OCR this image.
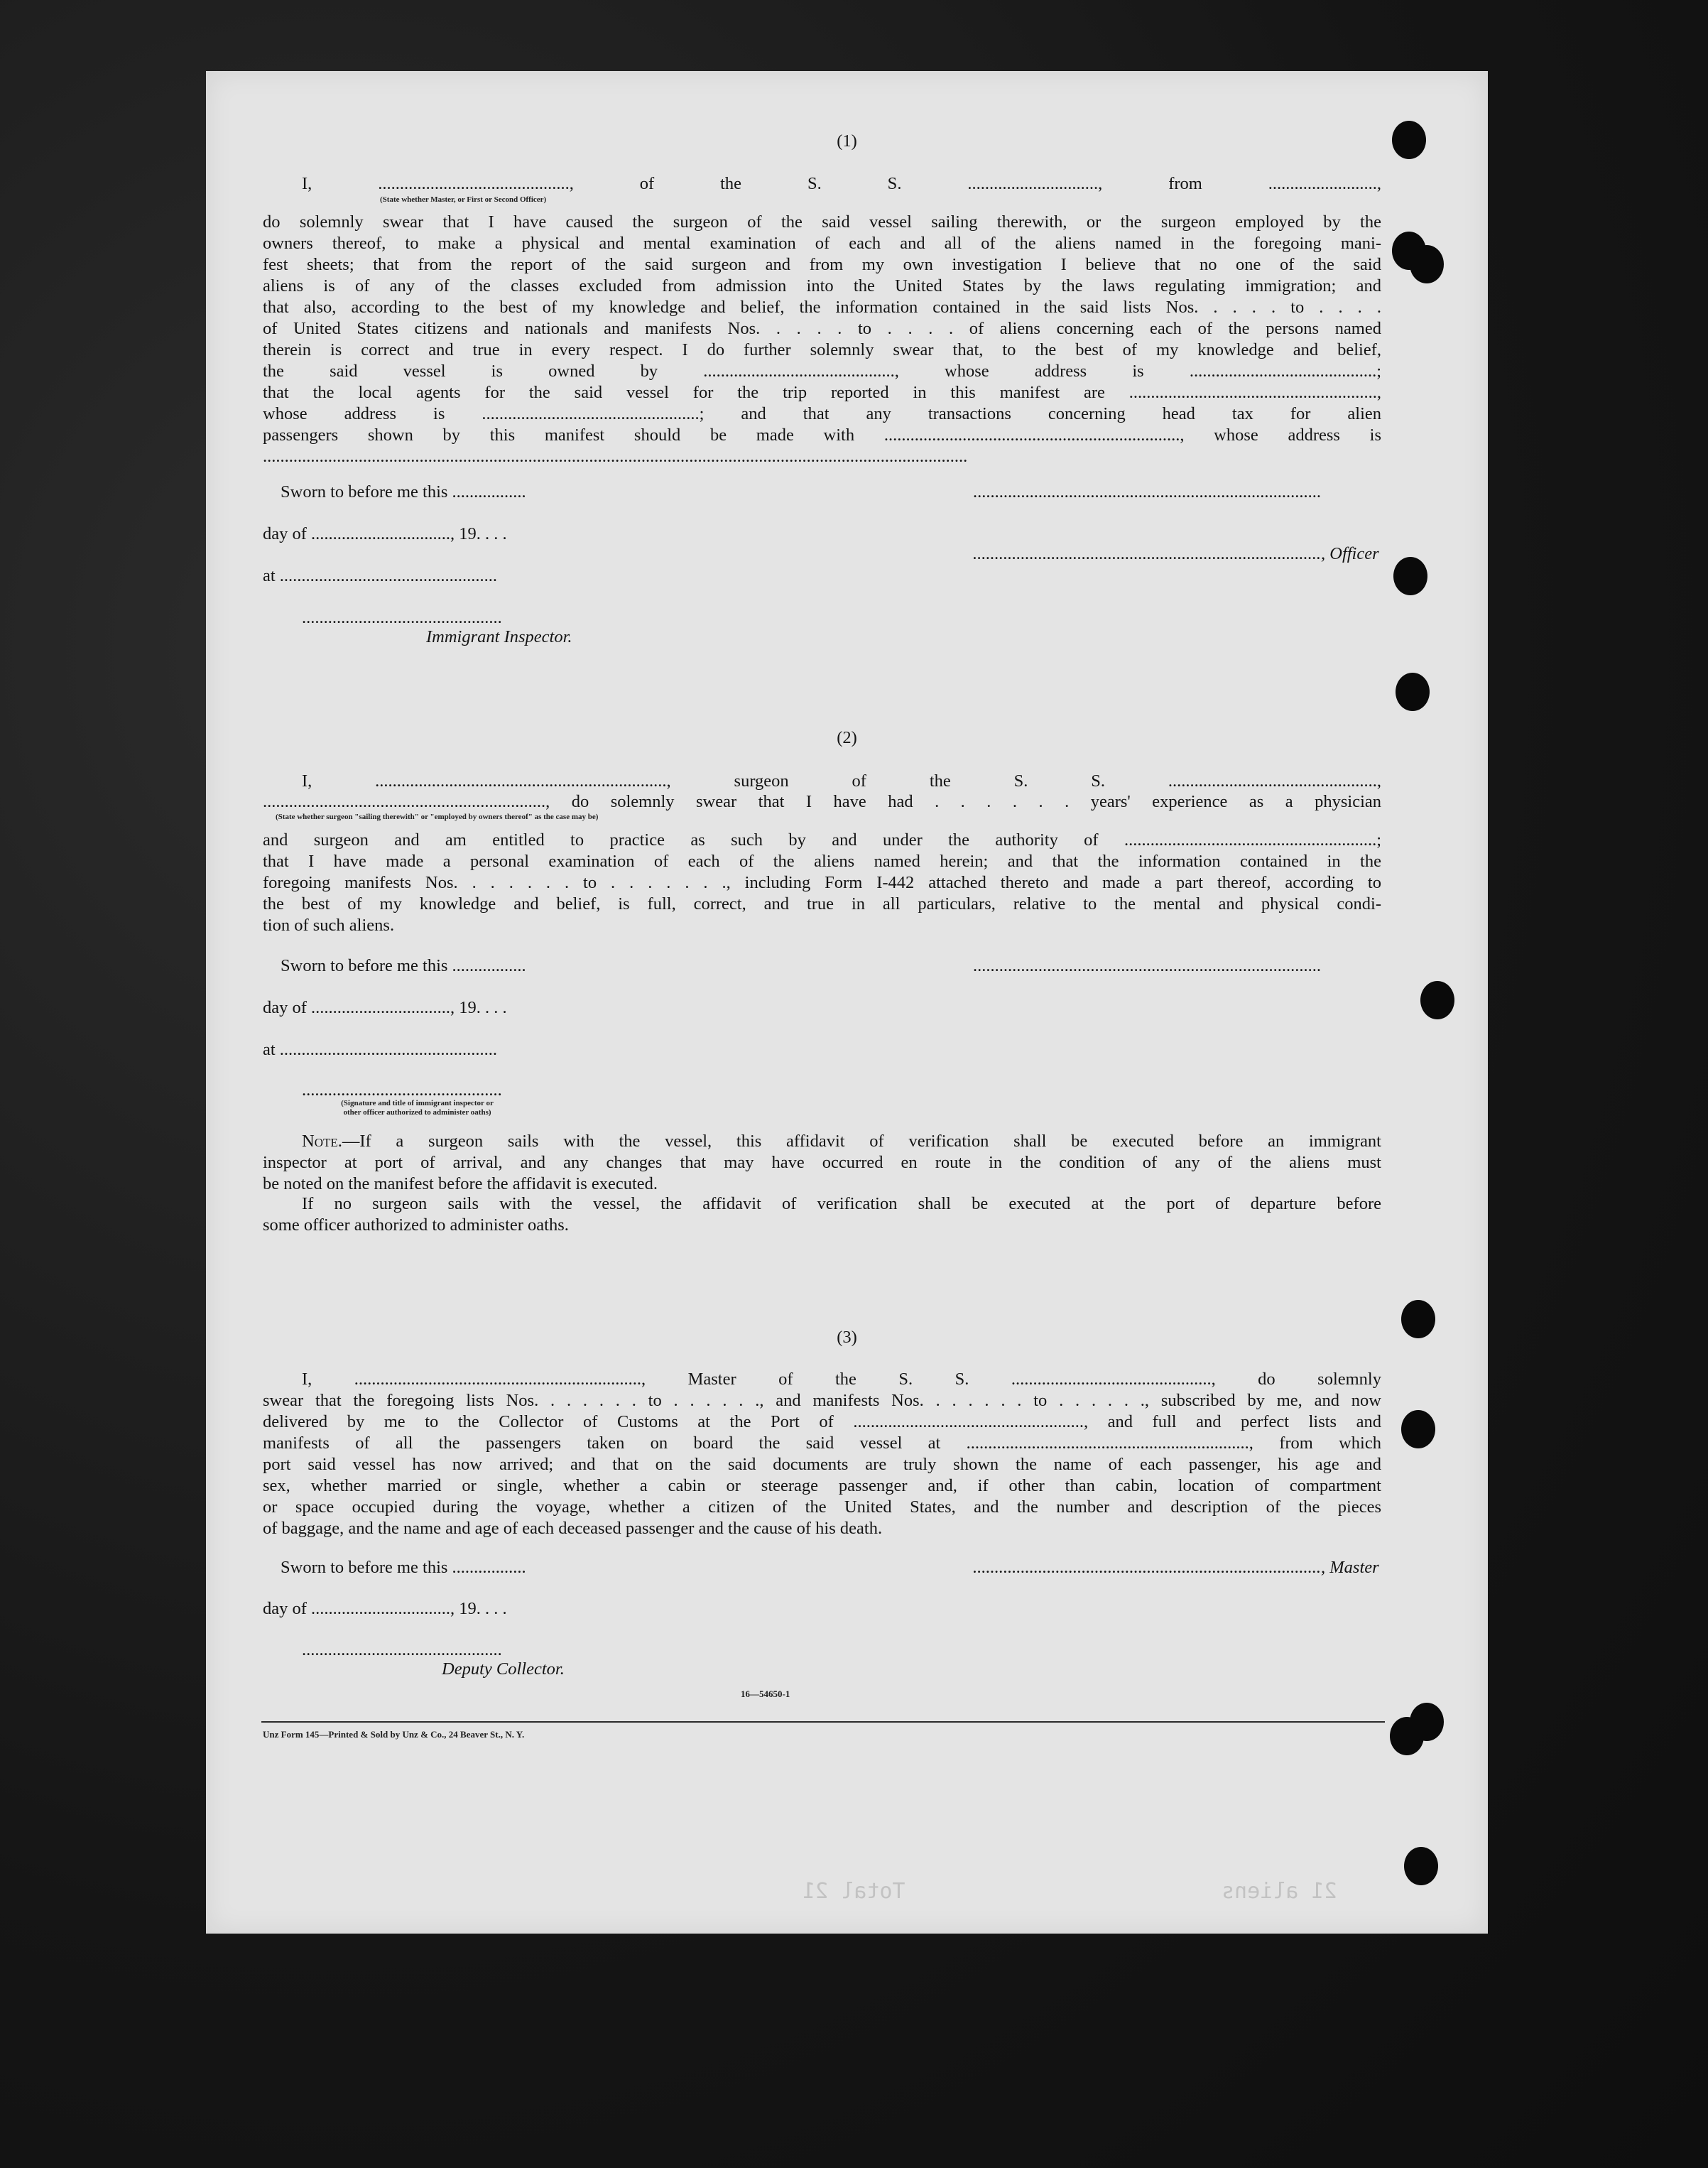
(1)
I, ............................................, of the S. S. .............................., from .........................,
(State whether Master, or First or Second Officer)
do solemnly swear that I have caused the surgeon of the said vessel sailing therewith, or the surgeon employed by the
owners thereof, to make a physical and mental examination of each and all of the aliens named in the foregoing mani-
fest sheets; that from the report of the said surgeon and from my own investigation I believe that no one of the said
aliens is of any of the classes excluded from admission into the United States by the laws regulating immigration; and
that also, according to the best of my knowledge and belief, the information contained in the said lists Nos. . . . . to . . . .
of United States citizens and nationals and manifests Nos. . . . . to . . . . of aliens concerning each of the persons named
therein is correct and true in every respect. I do further solemnly swear that, to the best of my knowledge and belief,
the said vessel is owned by ............................................, whose address is ...........................................;
that the local agents for the said vessel for the trip reported in this manifest are .........................................................,
whose address is ..................................................; and that any transactions concerning head tax for alien
passengers shown by this manifest should be made with ...................................................................., whose address is
..................................................................................................................................................................
Sworn to before me this .................	................................................................................
day of ................................, 19. . . .
................................................................................, Officer
at ..................................................
..............................................
Immigrant Inspector.
(2)
I, ..................................................................., surgeon of the S. S. ................................................,
................................................................., do solemnly swear that I have had . . . . . . years' experience as a physician
(State whether surgeon "sailing therewith" or "employed by owners thereof" as the case may be)
and surgeon and am entitled to practice as such by and under the authority of ..........................................................;
that I have made a personal examination of each of the aliens named herein; and that the information contained in the
foregoing manifests Nos. . . . . . . to . . . . . . ., including Form I-442 attached thereto and made a part thereof, according to
the best of my knowledge and belief, is full, correct, and true in all particulars, relative to the mental and physical condi-
tion of such aliens.
Sworn to before me this .................	................................................................................
day of ................................, 19. . . .
at ..................................................
..............................................
(Signature and title of immigrant inspector or
other officer authorized to administer oaths)
Note.—If a surgeon sails with the vessel, this affidavit of verification shall be executed before an immigrant
inspector at port of arrival, and any changes that may have occurred en route in the condition of any of the aliens must
be noted on the manifest before the affidavit is executed.
If no surgeon sails with the vessel, the affidavit of verification shall be executed at the port of departure before
some officer authorized to administer oaths.
(3)
I, .................................................................., Master of the S. S. .............................................., do solemnly
swear that the foregoing lists Nos. . . . . . . to . . . . . ., and manifests Nos. . . . . . . to . . . . . ., subscribed by me, and now
delivered by me to the Collector of Customs at the Port of ....................................................., and full and perfect lists and
manifests of all the passengers taken on board the said vessel at ................................................................., from which
port said vessel has now arrived; and that on the said documents are truly shown the name of each passenger, his age and
sex, whether married or single, whether a cabin or steerage passenger and, if other than cabin, location of compartment
or space occupied during the voyage, whether a citizen of the United States, and the number and description of the pieces
of baggage, and the name and age of each deceased passenger and the cause of his death.
Sworn to before me this .................	................................................................................, Master
day of ................................, 19. . . .
..............................................
Deputy Collector.
16—54650-1
Unz Form 145—Printed & Sold by Unz & Co., 24 Beaver St., N. Y.
Total 21	21 aliens
